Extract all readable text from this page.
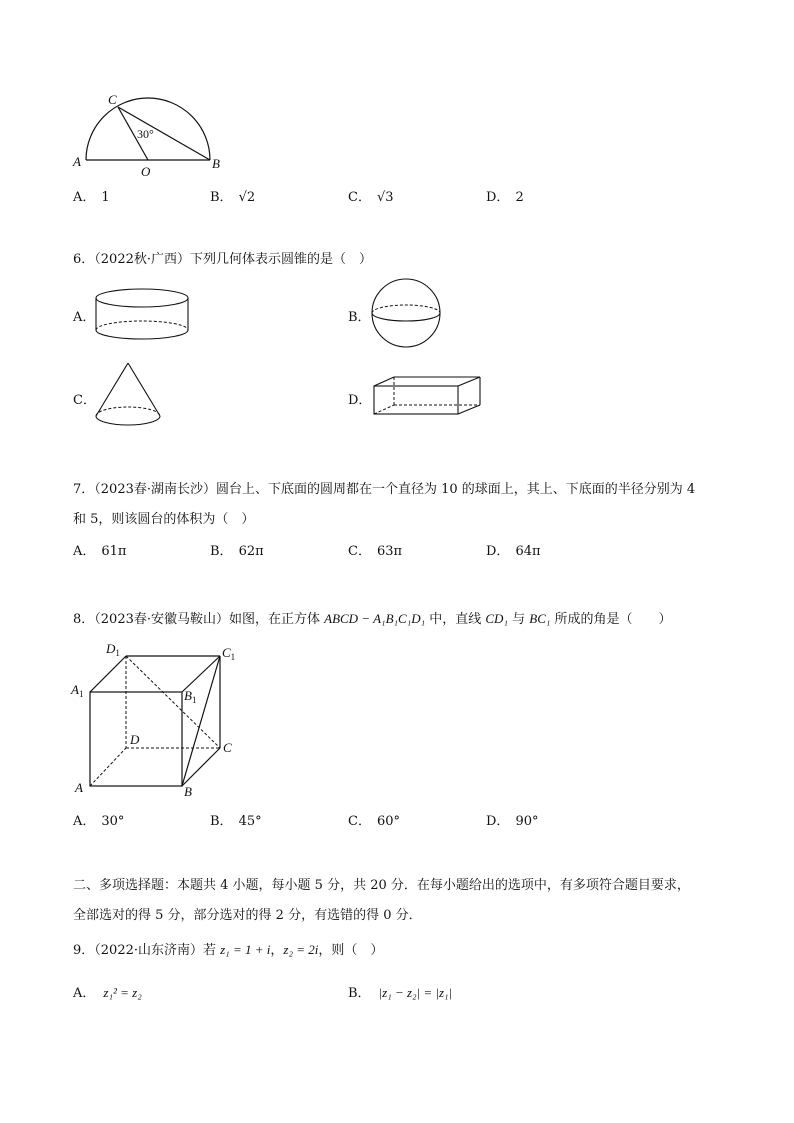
C
A
O
B
30°
A． 1	B． √2	C． √3	D． 2
6．（2022秋·广西）下列几何体表示圆锥的是（　）
A．	B．
C．	D．
7．（2023春·湖南长沙）圆台上、下底面的圆周都在一个直径为 10 的球面上，其上、下底面的半径分别为 4
和 5，则该圆台的体积为（　）
A． 61π	B． 62π	C． 63π	D． 64π
8．（2023春·安徽马鞍山）如图，在正方体 ABCD − A₁B₁C₁D₁ 中，直线 CD₁ 与 BC₁ 所成的角是（　　）
$D_1$	$C_1$
$A_1$	$B_1$
D
C
A	B
A． 30°	B． 45°	C． 60°	D． 90°
二、多项选择题：本题共 4 小题，每小题 5 分，共 20 分．在每小题给出的选项中，有多项符合题目要求，
全部选对的得 5 分，部分选对的得 2 分，有选错的得 0 分．
9．（2022·山东济南）若 z₁ = 1 + i，z₂ = 2i，则（　）
A． z₁² = z₂	B． |z₁ − z₂| = |z₁|
